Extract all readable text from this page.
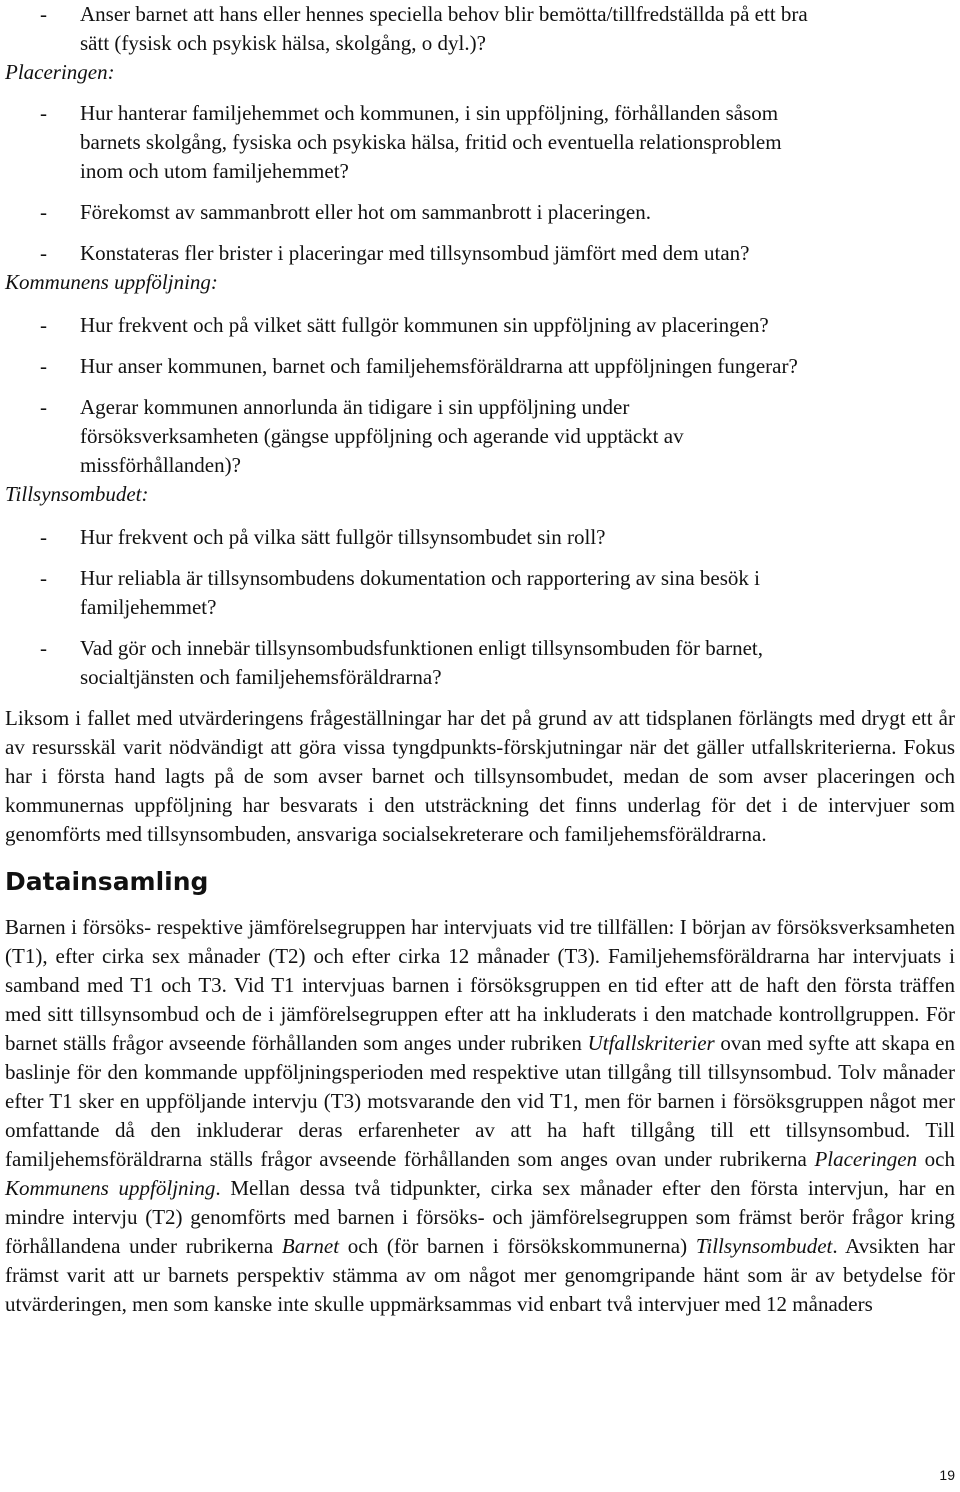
- Anser barnet att hans eller hennes speciella behov blir bemötta/tillfredställda på ett bra
sätt (fysisk och psykisk hälsa, skolgång, o dyl.)?
Placeringen:
- Hur hanterar familjehemmet och kommunen, i sin uppföljning, förhållanden såsom
barnets skolgång, fysiska och psykiska hälsa, fritid och eventuella relationsproblem
inom och utom familjehemmet?
- Förekomst av sammanbrott eller hot om sammanbrott i placeringen.
- Konstateras fler brister i placeringar med tillsynsombud jämfört med dem utan?
Kommunens uppföljning:
- Hur frekvent och på vilket sätt fullgör kommunen sin uppföljning av placeringen?
- Hur anser kommunen, barnet och familjehemsföräldrarna att uppföljningen fungerar?
- Agerar kommunen annorlunda än tidigare i sin uppföljning under
försöksverksamheten (gängse uppföljning och agerande vid upptäckt av
missförhållanden)?
Tillsynsombudet:
- Hur frekvent och på vilka sätt fullgör tillsynsombudet sin roll?
- Hur reliabla är tillsynsombudens dokumentation och rapportering av sina besök i
familjehemmet?
- Vad gör och innebär tillsynsombudsfunktionen enligt tillsynsombuden för barnet,
socialtjänsten och familjehemsföräldrarna?
Liksom i fallet med utvärderingens frågeställningar har det på grund av att tidsplanen förlängts med drygt ett år av resursskäl varit nödvändigt att göra vissa tyngdpunkts-förskjutningar när det gäller utfallskriterierna. Fokus har i första hand lagts på de som avser barnet och tillsynsombudet, medan de som avser placeringen och kommunernas uppföljning har besvarats i den utsträckning det finns underlag för det i de intervjuer som genomförts med tillsynsombuden, ansvariga socialsekreterare och familjehemsföräldrarna.
Datainsamling
Barnen i försöks- respektive jämförelsegruppen har intervjuats vid tre tillfällen: I början av försöksverksamheten (T1), efter cirka sex månader (T2) och efter cirka 12 månader (T3). Familjehemsföräldrarna har intervjuats i samband med T1 och T3. Vid T1 intervjuas barnen i försöksgruppen en tid efter att de haft den första träffen med sitt tillsynsombud och de i jämförelsegruppen efter att ha inkluderats i den matchade kontrollgruppen. För barnet ställs frågor avseende förhållanden som anges under rubriken Utfallskriterier ovan med syfte att skapa en baslinje för den kommande uppföljningsperioden med respektive utan tillgång till tillsynsombud. Tolv månader efter T1 sker en uppföljande intervju (T3) motsvarande den vid T1, men för barnen i försöksgruppen något mer omfattande då den inkluderar deras erfarenheter av att ha haft tillgång till ett tillsynsombud. Till familjehemsföräldrarna ställs frågor avseende förhållanden som anges ovan under rubrikerna Placeringen och Kommunens uppföljning. Mellan dessa två tidpunkter, cirka sex månader efter den första intervjun, har en mindre intervju (T2) genomförts med barnen i försöks- och jämförelsegruppen som främst berör frågor kring förhållandena under rubrikerna Barnet och (för barnen i försökskommunerna) Tillsynsombudet. Avsikten har främst varit att ur barnets perspektiv stämma av om något mer genomgripande hänt som är av betydelse för utvärderingen, men som kanske inte skulle uppmärksammas vid enbart två intervjuer med 12 månaders
19
